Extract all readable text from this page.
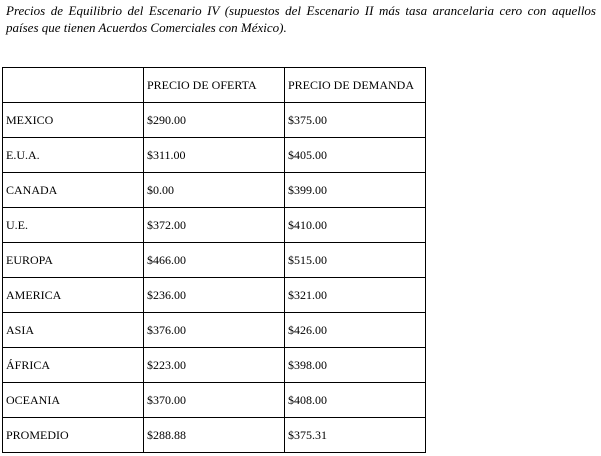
Precios de Equilibrio del Escenario IV (supuestos del Escenario II más tasa arancelaria cero con aquellos países que tienen Acuerdos Comerciales con México).

	PRECIO DE OFERTA	PRECIO DE DEMANDA
MEXICO	$290.00	$375.00
E.U.A.	$311.00	$405.00
CANADA	$0.00	$399.00
U.E.	$372.00	$410.00
EUROPA	$466.00	$515.00
AMERICA	$236.00	$321.00
ASIA	$376.00	$426.00
ÁFRICA	$223.00	$398.00
OCEANIA	$370.00	$408.00
PROMEDIO	$288.88	$375.31
